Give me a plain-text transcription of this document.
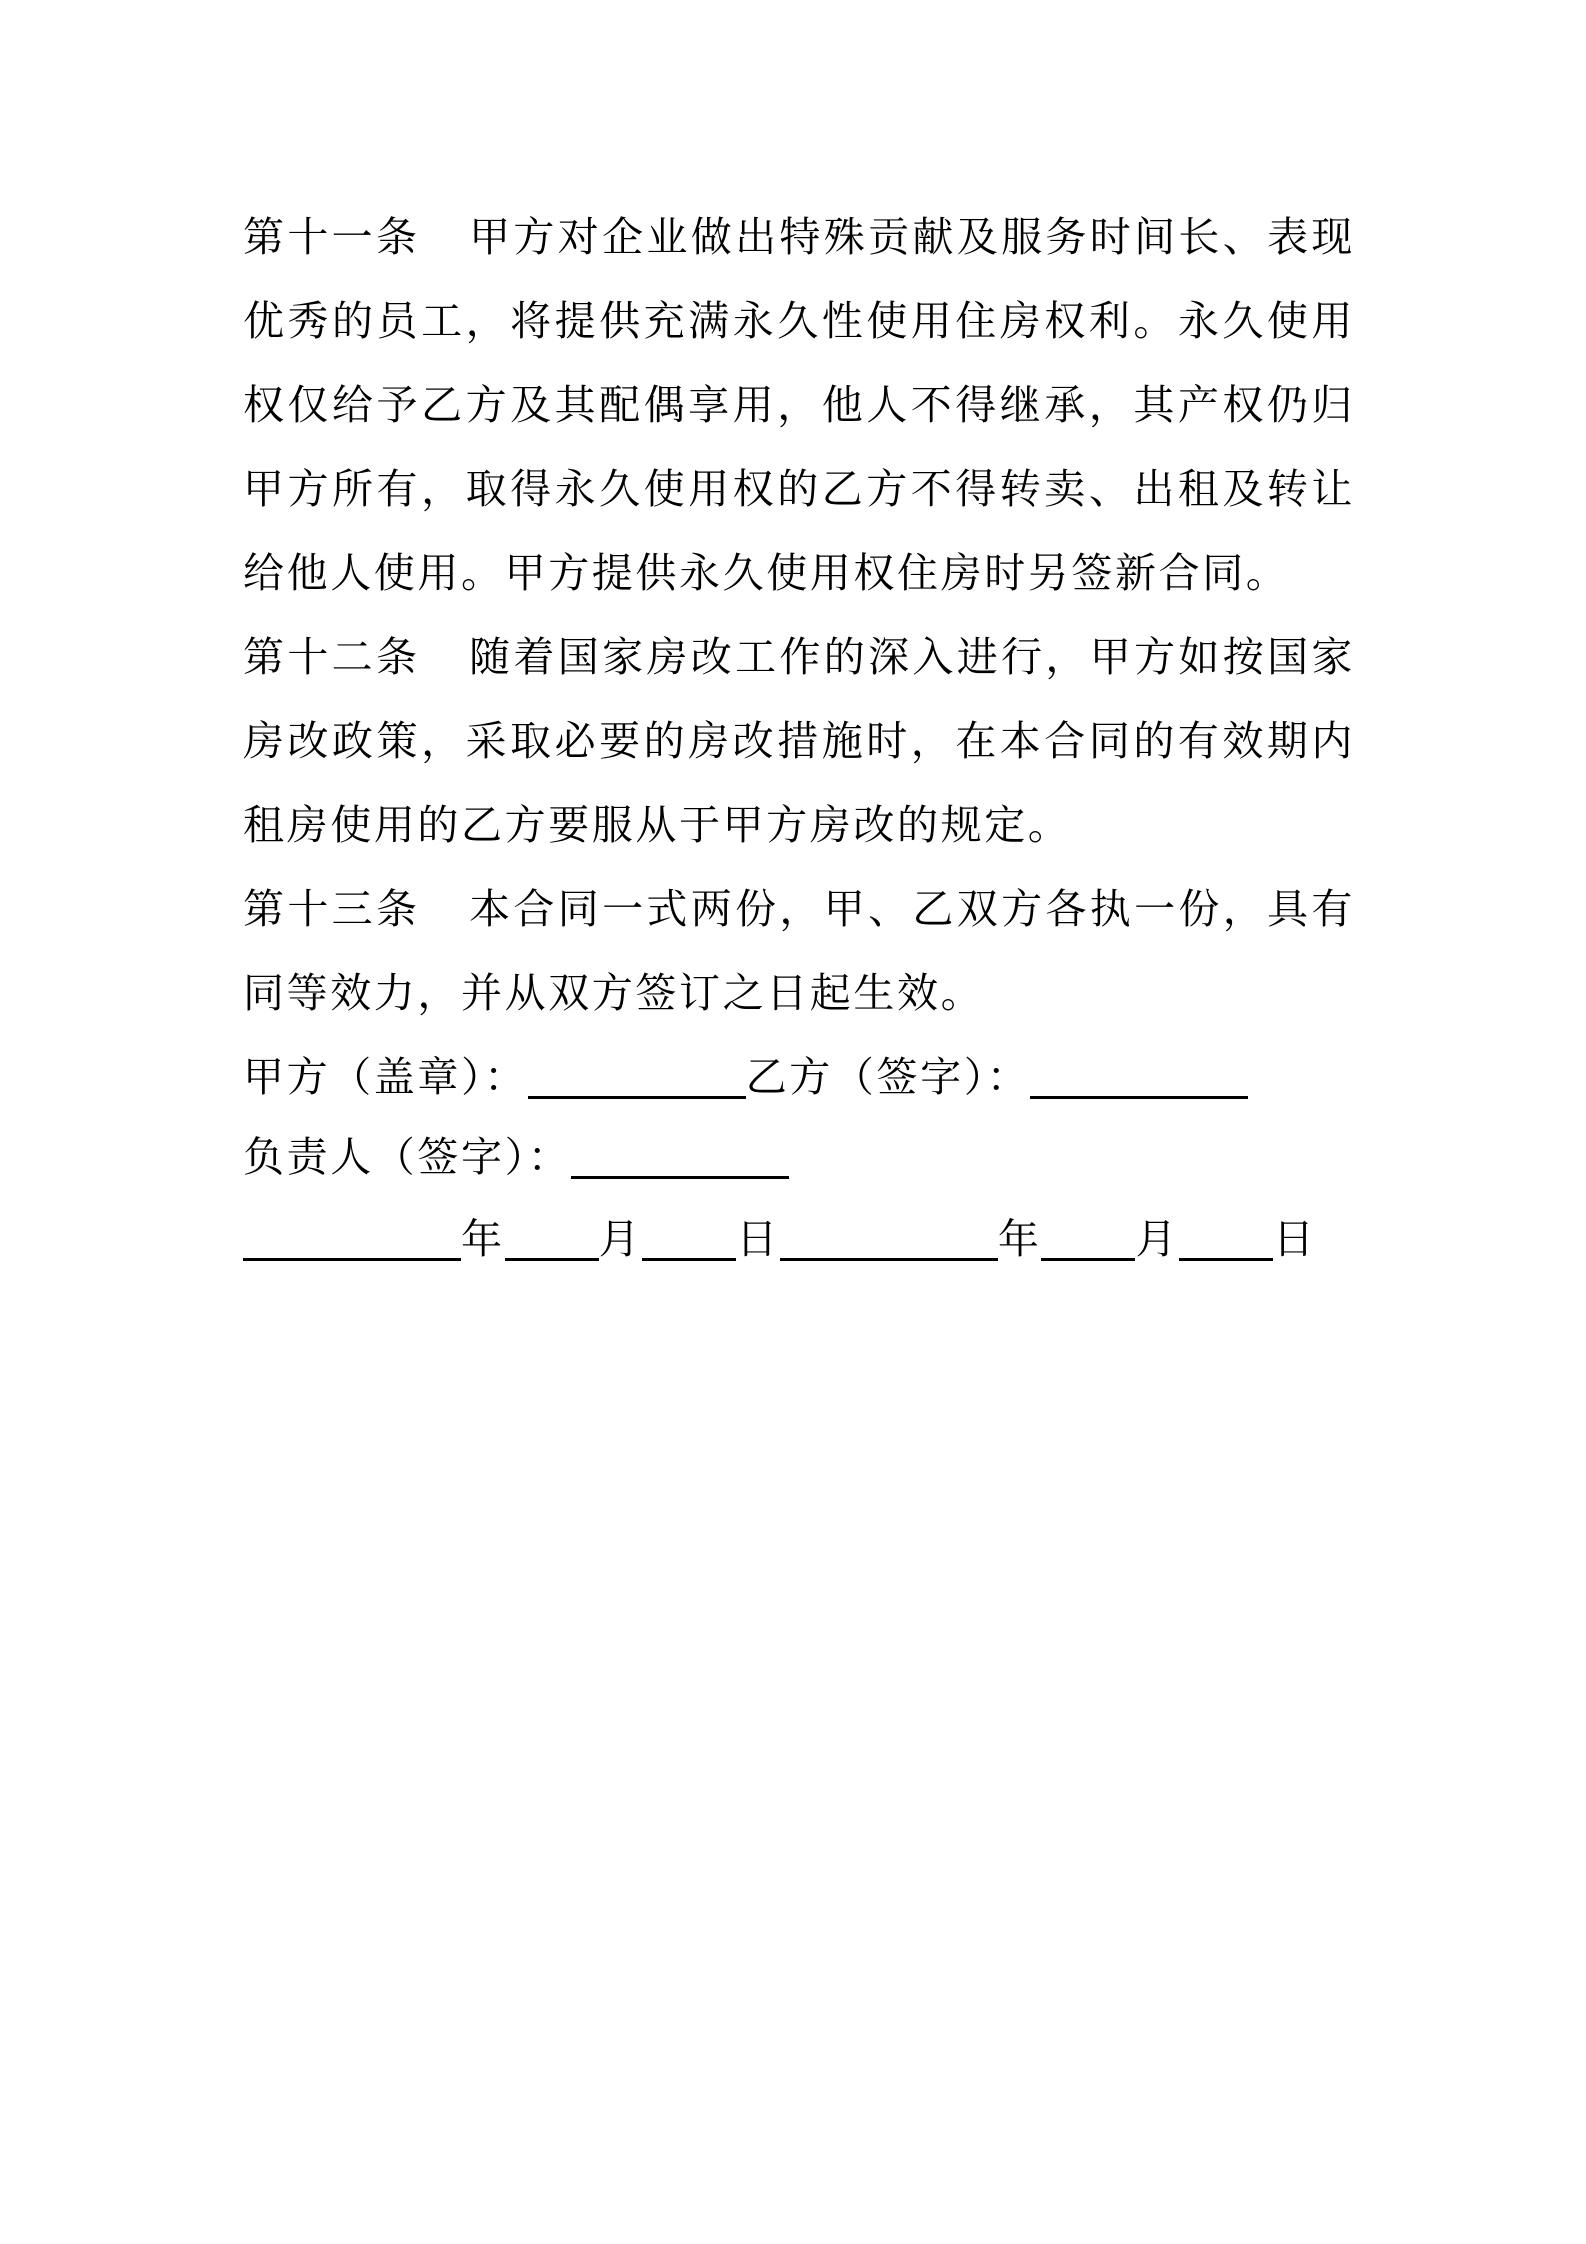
第十一条 甲方对企业做出特殊贡献及服务时间长、表现优秀的员工，将提供充满永久性使用住房权利。永久使用权仅给予乙方及其配偶享用，他人不得继承，其产权仍归甲方所有，取得永久使用权的乙方不得转卖、出租及转让给他人使用。甲方提供永久使用权住房时另签新合同。

第十二条 随着国家房改工作的深入进行，甲方如按国家房改政策，采取必要的房改措施时，在本合同的有效期内租房使用的乙方要服从于甲方房改的规定。

第十三条 本合同一式两份，甲、乙双方各执一份，具有同等效力，并从双方签订之日起生效。

甲方（盖章）：	乙方（签字）：
负责人（签字）：
年 月 日	年 月 日
